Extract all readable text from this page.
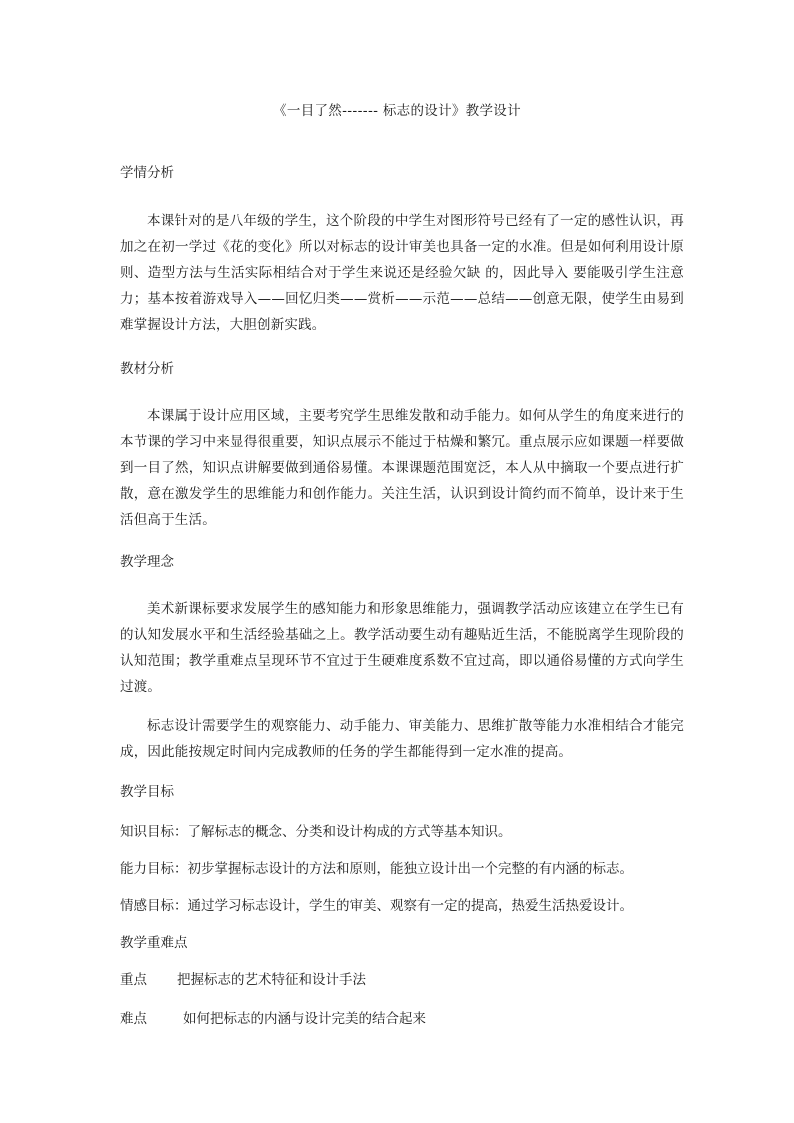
《一目了然------- 标志的设计》教学设计

学情分析

本课针对的是八年级的学生，这个阶段的中学生对图形符号已经有了一定的感性认识，再加之在初一学过《花的变化》所以对标志的设计审美也具备一定的水准。但是如何利用设计原则、造型方法与生活实际相结合对于学生来说还是经验欠缺 的，因此导入 要能吸引学生注意力；基本按着游戏导入——回忆归类——赏析——示范——总结——创意无限，使学生由易到难掌握设计方法，大胆创新实践。

教材分析

本课属于设计应用区域，主要考究学生思维发散和动手能力。如何从学生的角度来进行的本节课的学习中来显得很重要，知识点展示不能过于枯燥和繁冗。重点展示应如课题一样要做到一目了然，知识点讲解要做到通俗易懂。本课课题范围宽泛，本人从中摘取一个要点进行扩散，意在激发学生的思维能力和创作能力。关注生活，认识到设计简约而不简单，设计来于生活但高于生活。

教学理念

美术新课标要求发展学生的感知能力和形象思维能力，强调教学活动应该建立在学生已有的认知发展水平和生活经验基础之上。教学活动要生动有趣贴近生活，不能脱离学生现阶段的认知范围；教学重难点呈现环节不宜过于生硬难度系数不宜过高，即以通俗易懂的方式向学生过渡。

标志设计需要学生的观察能力、动手能力、审美能力、思维扩散等能力水准相结合才能完成，因此能按规定时间内完成教师的任务的学生都能得到一定水准的提高。

教学目标

知识目标：了解标志的概念、分类和设计构成的方式等基本知识。

能力目标：初步掌握标志设计的方法和原则，能独立设计出一个完整的有内涵的标志。

情感目标：通过学习标志设计，学生的审美、观察有一定的提高，热爱生活热爱设计。

教学重难点

重点 把握标志的艺术特征和设计手法

难点	如何把标志的内涵与设计完美的结合起来
